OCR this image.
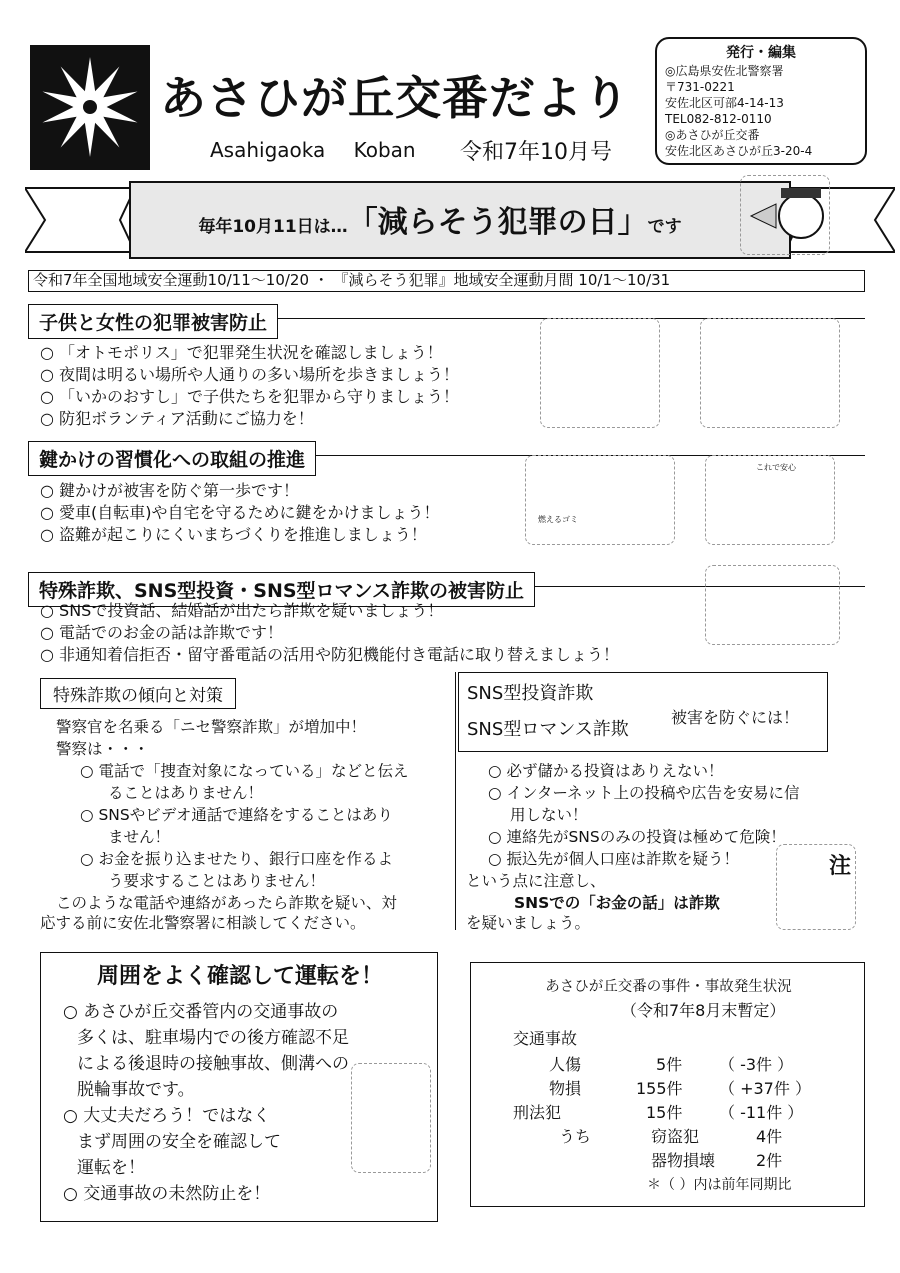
あさひが丘交番だより
Asahigaoka Koban 令和7年10月号
発行・編集
◎広島県安佐北警察署
〒731-0221
安佐北区可部4-14-13
TEL082-812-0110
◎あさひが丘交番
安佐北区あさひが丘3-20-4
毎年10月11日は…「減らそう犯罪の日」です
令和7年全国地域安全運動10/11～10/20 ・ 『減らそう犯罪』地域安全運動月間 10/1～10/31
子供と女性の犯罪被害防止
○ 「オトモポリス」で犯罪発生状況を確認しましょう！
○ 夜間は明るい場所や人通りの多い場所を歩きましょう！
○ 「いかのおすし」で子供たちを犯罪から守りましょう！
○ 防犯ボランティア活動にご協力を！
鍵かけの習慣化への取組の推進
○ 鍵かけが被害を防ぐ第一歩です！
○ 愛車(自転車)や自宅を守るために鍵をかけましょう！
○ 盗難が起こりにくいまちづくりを推進しましょう！
燃えるゴミ
これで安心
特殊詐欺、SNS型投資・SNS型ロマンス詐欺の被害防止
○ SNSで投資話、結婚話が出たら詐欺を疑いましょう！
○ 電話でのお金の話は詐欺です！
○ 非通知着信拒否・留守番電話の活用や防犯機能付き電話に取り替えましょう！
特殊詐欺の傾向と対策
警察官を名乗る「ニセ警察詐欺」が増加中！
警察は・・・
○ 電話で「捜査対象になっている」などと伝え
ることはありません！
○ SNSやビデオ通話で連絡をすることはあり
ません！
○ お金を振り込ませたり、銀行口座を作るよ
う要求することはありません！
このような電話や連絡があったら詐欺を疑い、対
応する前に安佐北警察署に相談してください。
SNS型投資詐欺
SNS型ロマンス詐欺
被害を防ぐには！
○ 必ず儲かる投資はありえない！
○ インターネット上の投稿や広告を安易に信
用しない！
○ 連絡先がSNSのみの投資は極めて危険！
○ 振込先が個人口座は詐欺を疑う！
という点に注意し、
SNSでの「お金の話」は詐欺
を疑いましょう。
注
周囲をよく確認して運転を！
○ あさひが丘交番管内の交通事故の
多くは、駐車場内での後方確認不足
による後退時の接触事故、側溝への
脱輪事故です。
○ 大丈夫だろう！ではなく
まず周囲の安全を確認して
運転を！
○ 交通事故の未然防止を！
あさひが丘交番の事件・事故発生状況
（令和7年8月末暫定）
交通事故
人傷	5件 （ -3件 ）
物損	155件 （ +37件 ）
刑法犯	15件 （ -11件 ）
うち	窃盗犯	4件
器物損壊	2件
＊（ ）内は前年同期比
